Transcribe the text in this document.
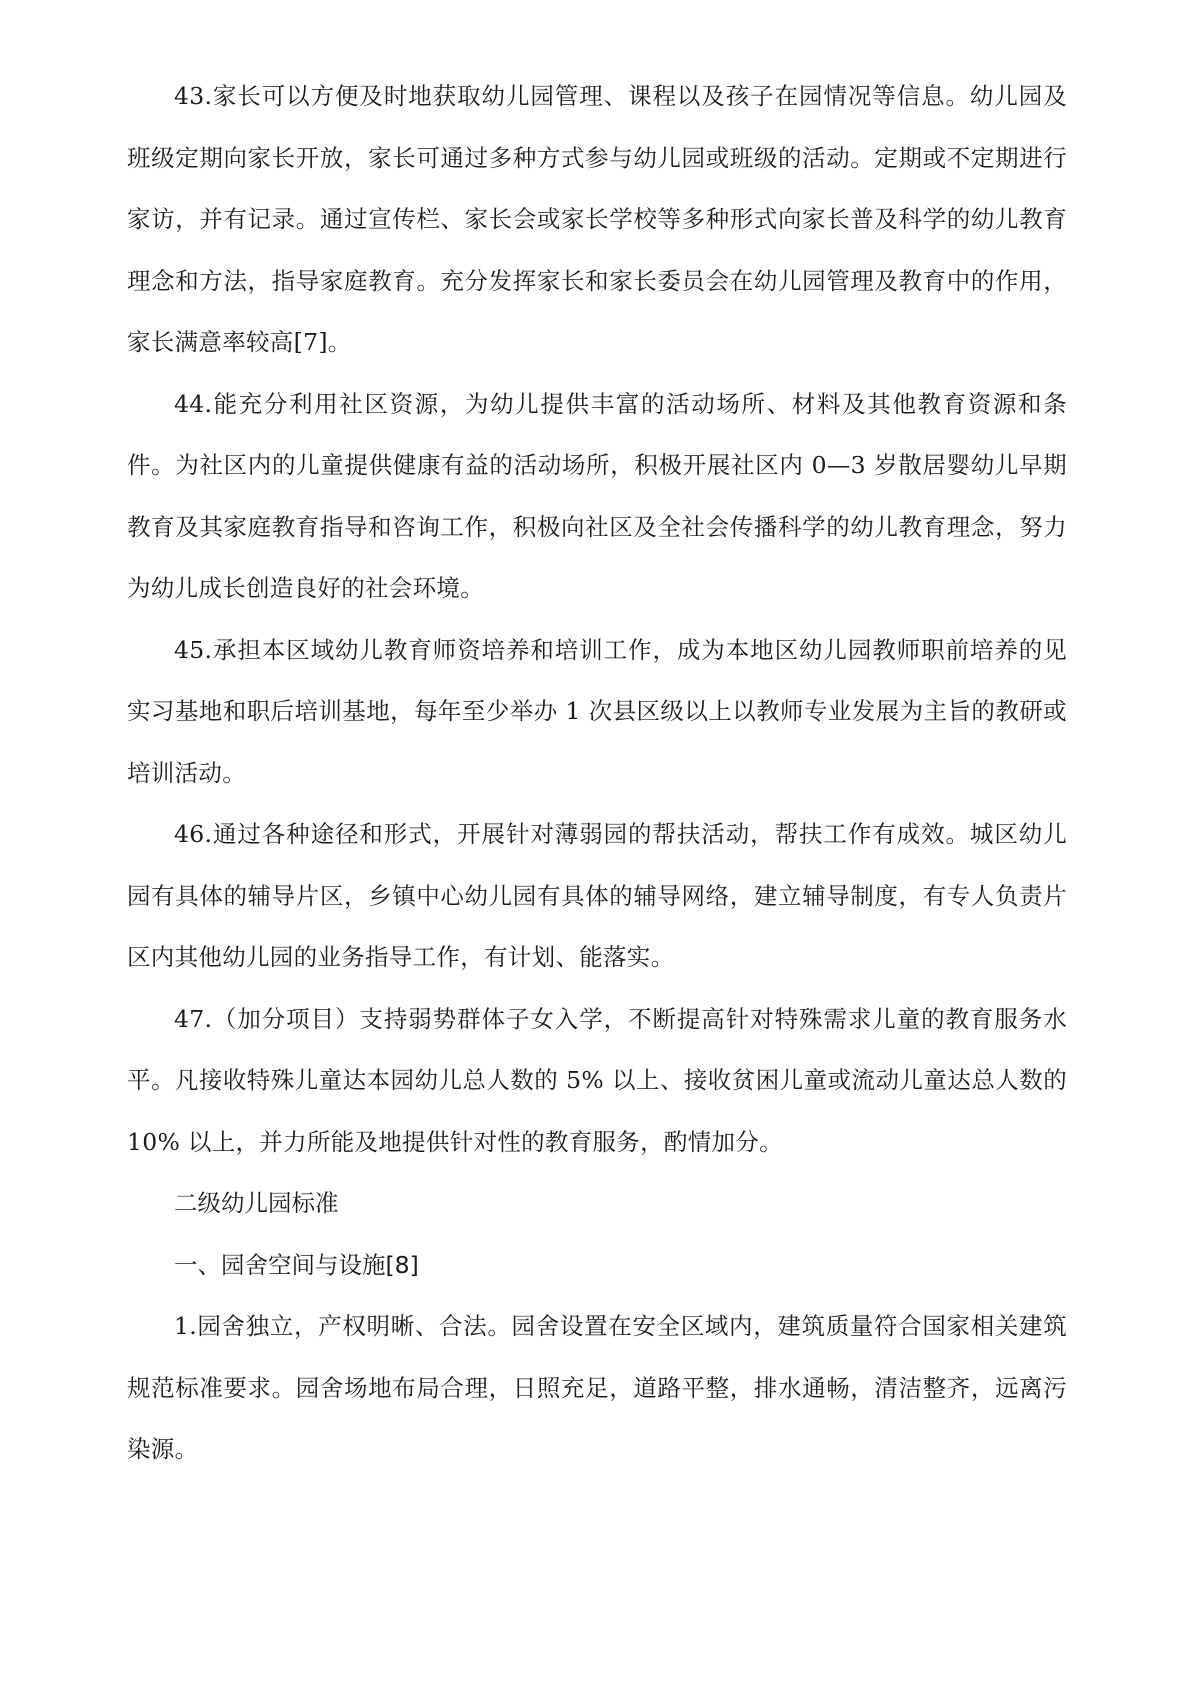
43.家长可以方便及时地获取幼儿园管理、课程以及孩子在园情况等信息。幼儿园及班级定期向家长开放，家长可通过多种方式参与幼儿园或班级的活动。定期或不定期进行家访，并有记录。通过宣传栏、家长会或家长学校等多种形式向家长普及科学的幼儿教育理念和方法，指导家庭教育。充分发挥家长和家长委员会在幼儿园管理及教育中的作用，家长满意率较高[7]。

44.能充分利用社区资源，为幼儿提供丰富的活动场所、材料及其他教育资源和条件。为社区内的儿童提供健康有益的活动场所，积极开展社区内 0—3 岁散居婴幼儿早期教育及其家庭教育指导和咨询工作，积极向社区及全社会传播科学的幼儿教育理念，努力为幼儿成长创造良好的社会环境。

45.承担本区域幼儿教育师资培养和培训工作，成为本地区幼儿园教师职前培养的见实习基地和职后培训基地，每年至少举办 1 次县区级以上以教师专业发展为主旨的教研或培训活动。

46.通过各种途径和形式，开展针对薄弱园的帮扶活动，帮扶工作有成效。城区幼儿园有具体的辅导片区，乡镇中心幼儿园有具体的辅导网络，建立辅导制度，有专人负责片区内其他幼儿园的业务指导工作，有计划、能落实。

47.（加分项目）支持弱势群体子女入学，不断提高针对特殊需求儿童的教育服务水平。凡接收特殊儿童达本园幼儿总人数的 5% 以上、接收贫困儿童或流动儿童达总人数的 10% 以上，并力所能及地提供针对性的教育服务，酌情加分。

二级幼儿园标准
一、园舍空间与设施[8]

1.园舍独立，产权明晰、合法。园舍设置在安全区域内，建筑质量符合国家相关建筑规范标准要求。园舍场地布局合理，日照充足，道路平整，排水通畅，清洁整齐，远离污染源。
